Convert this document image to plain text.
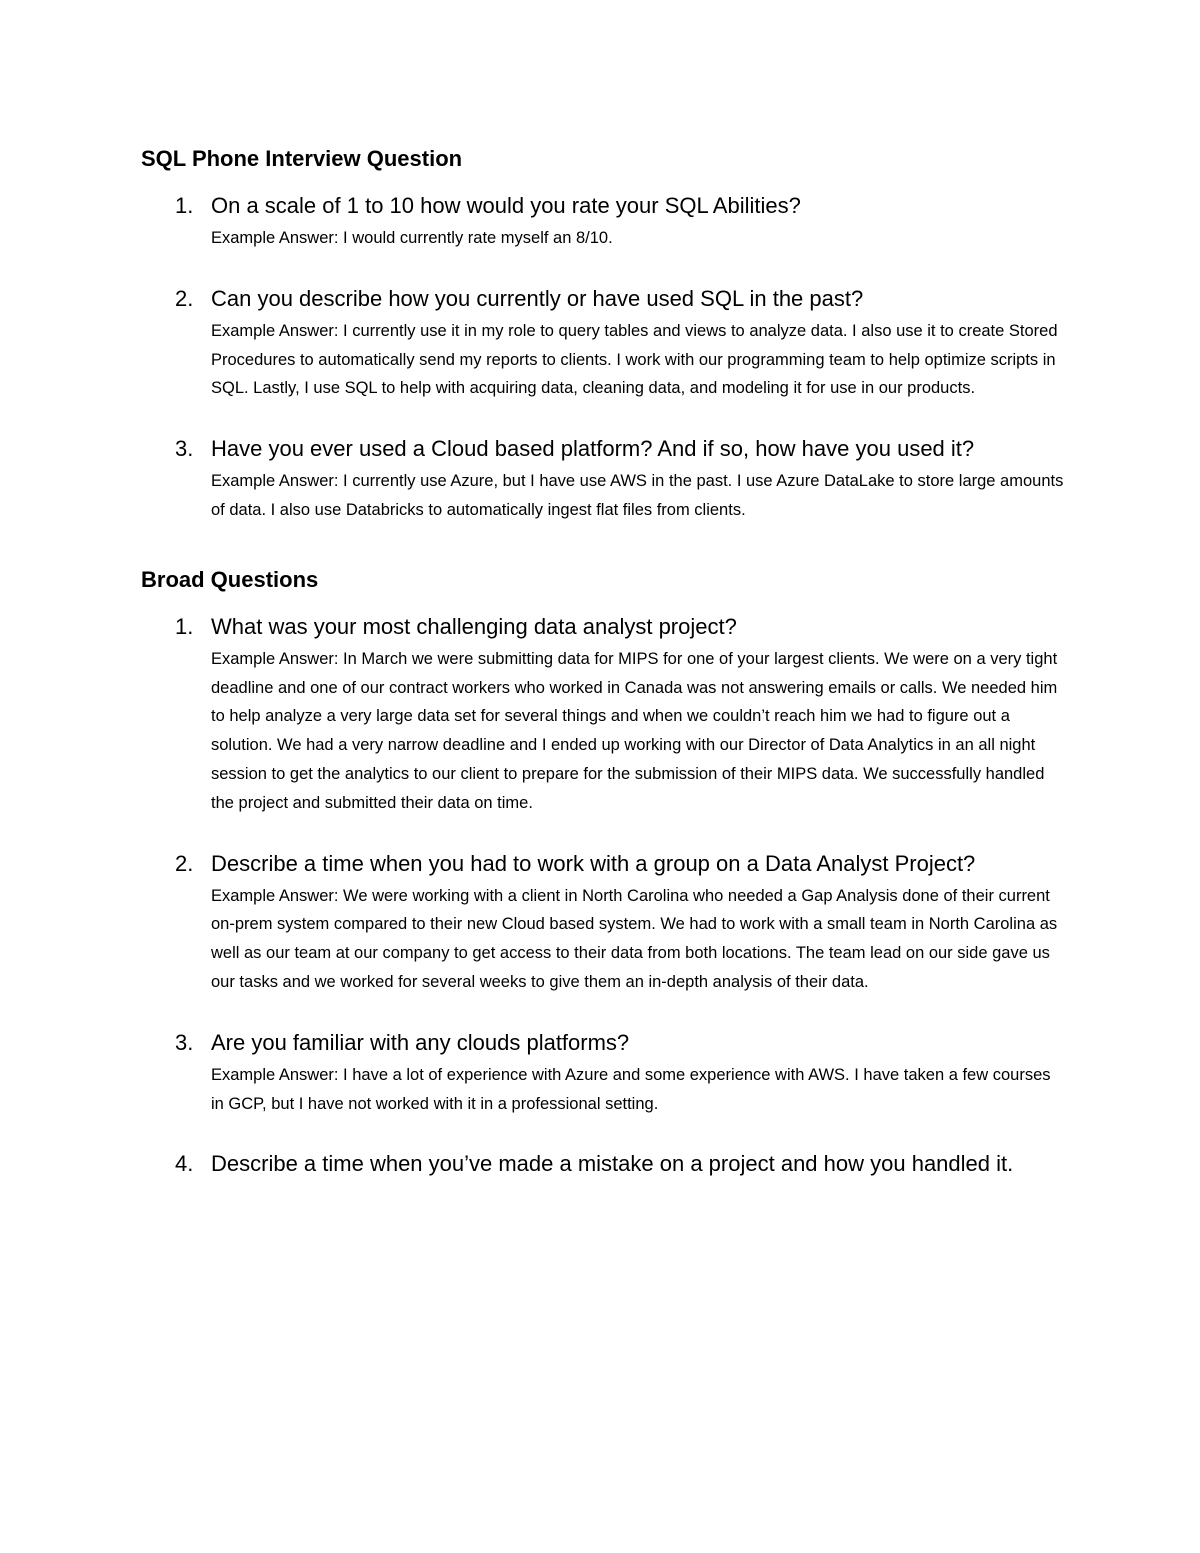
SQL Phone Interview Question
1. On a scale of 1 to 10 how would you rate your SQL Abilities?

Example Answer: I would currently rate myself an 8/10.

2. Can you describe how you currently or have used SQL in the past?

Example Answer: I currently use it in my role to query tables and views to analyze data. I also use it to create Stored Procedures to automatically send my reports to clients. I work with our programming team to help optimize scripts in SQL. Lastly, I use SQL to help with acquiring data, cleaning data, and modeling it for use in our products.

3. Have you ever used a Cloud based platform? And if so, how have you used it?

Example Answer: I currently use Azure, but I have use AWS in the past. I use Azure DataLake to store large amounts of data. I also use Databricks to automatically ingest flat files from clients.

Broad Questions
1. What was your most challenging data analyst project?

Example Answer: In March we were submitting data for MIPS for one of your largest clients. We were on a very tight deadline and one of our contract workers who worked in Canada was not answering emails or calls. We needed him to help analyze a very large data set for several things and when we couldn’t reach him we had to figure out a solution. We had a very narrow deadline and I ended up working with our Director of Data Analytics in an all night session to get the analytics to our client to prepare for the submission of their MIPS data. We successfully handled the project and submitted their data on time.

2. Describe a time when you had to work with a group on a Data Analyst Project?

Example Answer: We were working with a client in North Carolina who needed a Gap Analysis done of their current on-prem system compared to their new Cloud based system. We had to work with a small team in North Carolina as well as our team at our company to get access to their data from both locations. The team lead on our side gave us our tasks and we worked for several weeks to give them an in-depth analysis of their data.

3. Are you familiar with any clouds platforms?

Example Answer: I have a lot of experience with Azure and some experience with AWS. I have taken a few courses in GCP, but I have not worked with it in a professional setting.

4. Describe a time when you’ve made a mistake on a project and how you handled it.
